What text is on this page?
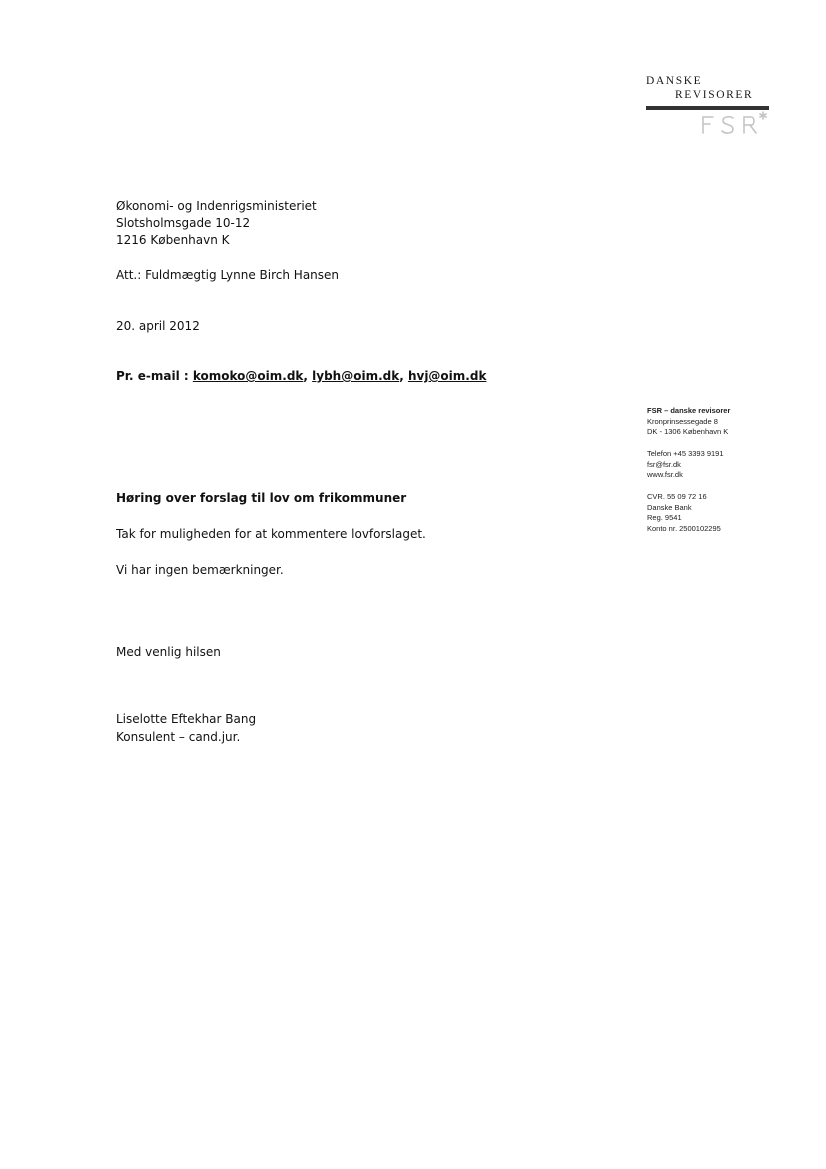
DANSKE
REVISORER
Økonomi- og Indenrigsministeriet
Slotsholmsgade 10-12
1216 København K
Att.: Fuldmægtig Lynne Birch Hansen
20. april 2012
Pr. e-mail : komoko@oim.dk, lybh@oim.dk, hvj@oim.dk
FSR – danske revisorer
Kronprinsessegade 8
DK - 1306 København K
Telefon +45 3393 9191
fsr@fsr.dk
www.fsr.dk
CVR. 55 09 72 16
Danske Bank
Reg. 9541
Konto nr. 2500102295
Høring over forslag til lov om frikommuner
Tak for muligheden for at kommentere lovforslaget.
Vi har ingen bemærkninger.
Med venlig hilsen
Liselotte Eftekhar Bang
Konsulent – cand.jur.
